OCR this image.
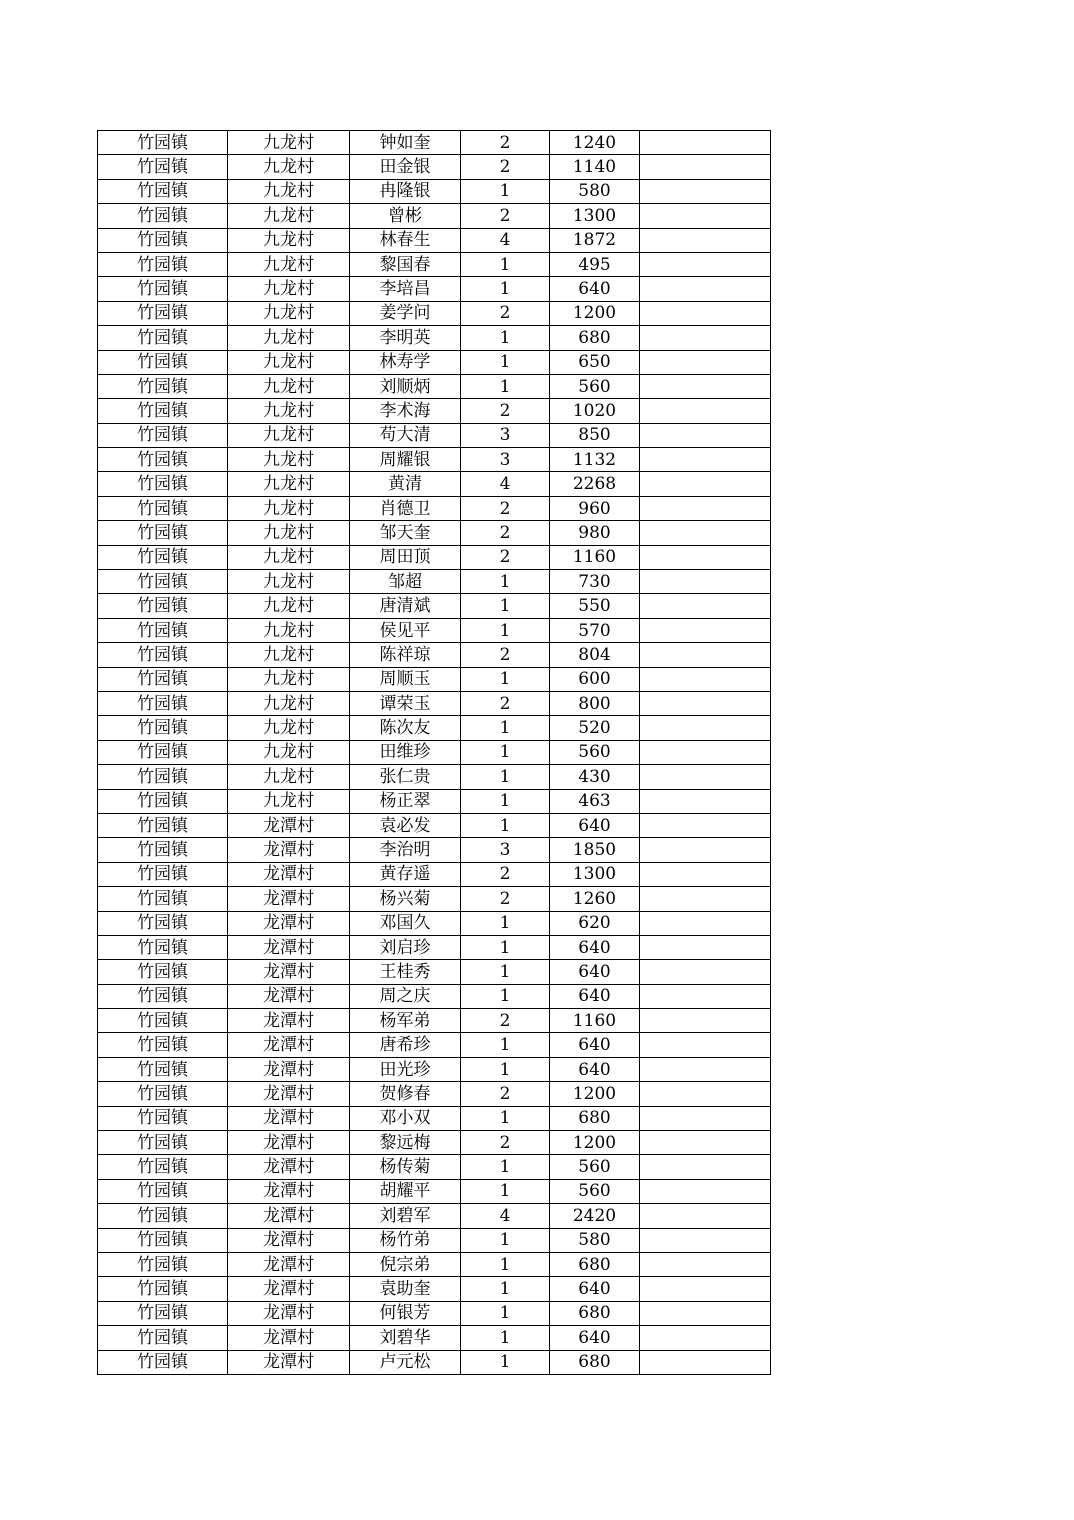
竹园镇	九龙村	钟如奎	2	1240	
竹园镇	九龙村	田金银	2	1140	
竹园镇	九龙村	冉隆银	1	580	
竹园镇	九龙村	曾彬	2	1300	
竹园镇	九龙村	林春生	4	1872	
竹园镇	九龙村	黎国春	1	495	
竹园镇	九龙村	李培昌	1	640	
竹园镇	九龙村	姜学问	2	1200	
竹园镇	九龙村	李明英	1	680	
竹园镇	九龙村	林寿学	1	650	
竹园镇	九龙村	刘顺炳	1	560	
竹园镇	九龙村	李术海	2	1020	
竹园镇	九龙村	苟大清	3	850	
竹园镇	九龙村	周耀银	3	1132	
竹园镇	九龙村	黄清	4	2268	
竹园镇	九龙村	肖德卫	2	960	
竹园镇	九龙村	邹天奎	2	980	
竹园镇	九龙村	周田顶	2	1160	
竹园镇	九龙村	邹超	1	730	
竹园镇	九龙村	唐清斌	1	550	
竹园镇	九龙村	侯见平	1	570	
竹园镇	九龙村	陈祥琼	2	804	
竹园镇	九龙村	周顺玉	1	600	
竹园镇	九龙村	谭荣玉	2	800	
竹园镇	九龙村	陈次友	1	520	
竹园镇	九龙村	田维珍	1	560	
竹园镇	九龙村	张仁贵	1	430	
竹园镇	九龙村	杨正翠	1	463	
竹园镇	龙潭村	袁必发	1	640	
竹园镇	龙潭村	李治明	3	1850	
竹园镇	龙潭村	黄存遥	2	1300	
竹园镇	龙潭村	杨兴菊	2	1260	
竹园镇	龙潭村	邓国久	1	620	
竹园镇	龙潭村	刘启珍	1	640	
竹园镇	龙潭村	王桂秀	1	640	
竹园镇	龙潭村	周之庆	1	640	
竹园镇	龙潭村	杨军弟	2	1160	
竹园镇	龙潭村	唐希珍	1	640	
竹园镇	龙潭村	田光珍	1	640	
竹园镇	龙潭村	贺修春	2	1200	
竹园镇	龙潭村	邓小双	1	680	
竹园镇	龙潭村	黎远梅	2	1200	
竹园镇	龙潭村	杨传菊	1	560	
竹园镇	龙潭村	胡耀平	1	560	
竹园镇	龙潭村	刘碧军	4	2420	
竹园镇	龙潭村	杨竹弟	1	580	
竹园镇	龙潭村	倪宗弟	1	680	
竹园镇	龙潭村	袁助奎	1	640	
竹园镇	龙潭村	何银芳	1	680	
竹园镇	龙潭村	刘碧华	1	640	
竹园镇	龙潭村	卢元松	1	680	
